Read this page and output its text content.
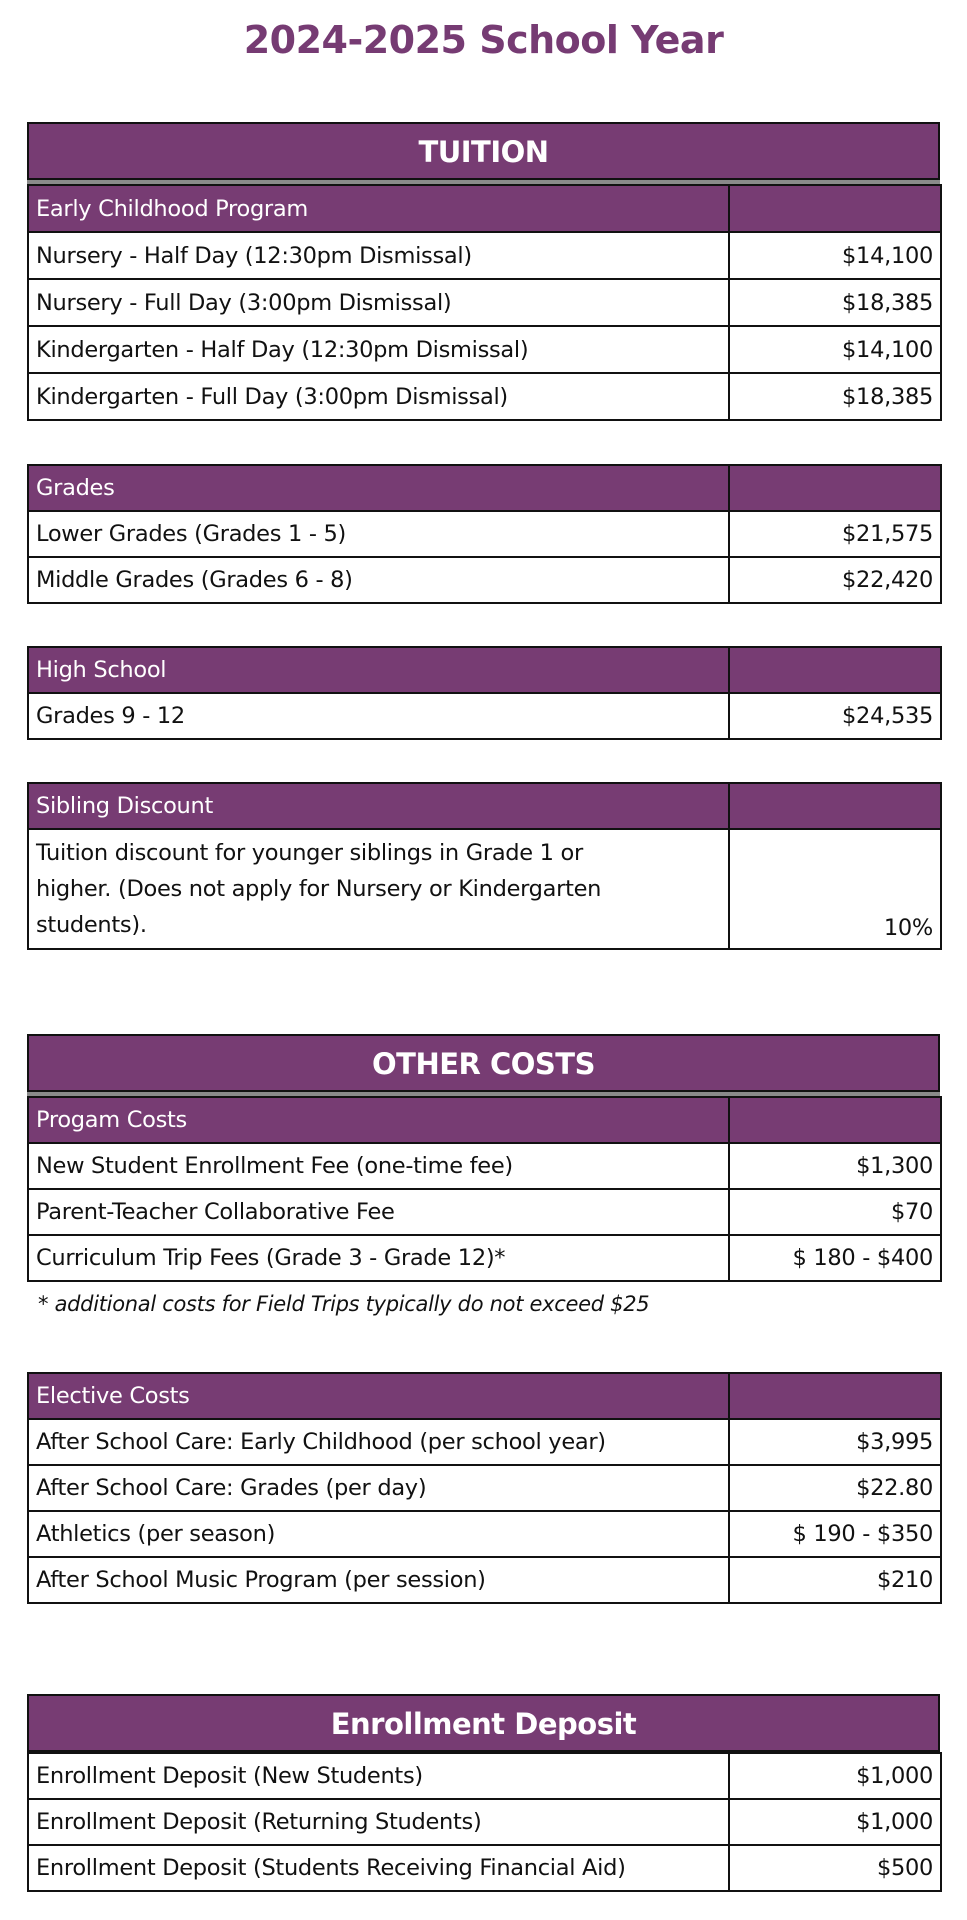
2024-2025 School Year
TUITION
Early Childhood Program	
Nursery - Half Day (12:30pm Dismissal)	$14,100
Nursery - Full Day (3:00pm Dismissal)	$18,385
Kindergarten - Half Day (12:30pm Dismissal)	$14,100
Kindergarten - Full Day (3:00pm Dismissal)	$18,385
Grades	
Lower Grades (Grades 1 - 5)	$21,575
Middle Grades (Grades 6 - 8)	$22,420
High School	
Grades 9 - 12	$24,535
Sibling Discount	
Tuition discount for younger siblings in Grade 1 or higher. (Does not apply for Nursery or Kindergarten students).	10%
OTHER COSTS
Progam Costs	
New Student Enrollment Fee (one-time fee)	$1,300
Parent-Teacher Collaborative Fee	$70
Curriculum Trip Fees (Grade 3 - Grade 12)*	$ 180 - $400
* additional costs for Field Trips typically do not exceed $25
Elective Costs	
After School Care: Early Childhood (per school year)	$3,995
After School Care: Grades (per day)	$22.80
Athletics (per season)	$ 190 - $350
After School Music Program (per session)	$210
Enrollment Deposit
Enrollment Deposit (New Students)	$1,000
Enrollment Deposit (Returning Students)	$1,000
Enrollment Deposit (Students Receiving Financial Aid)	$500
